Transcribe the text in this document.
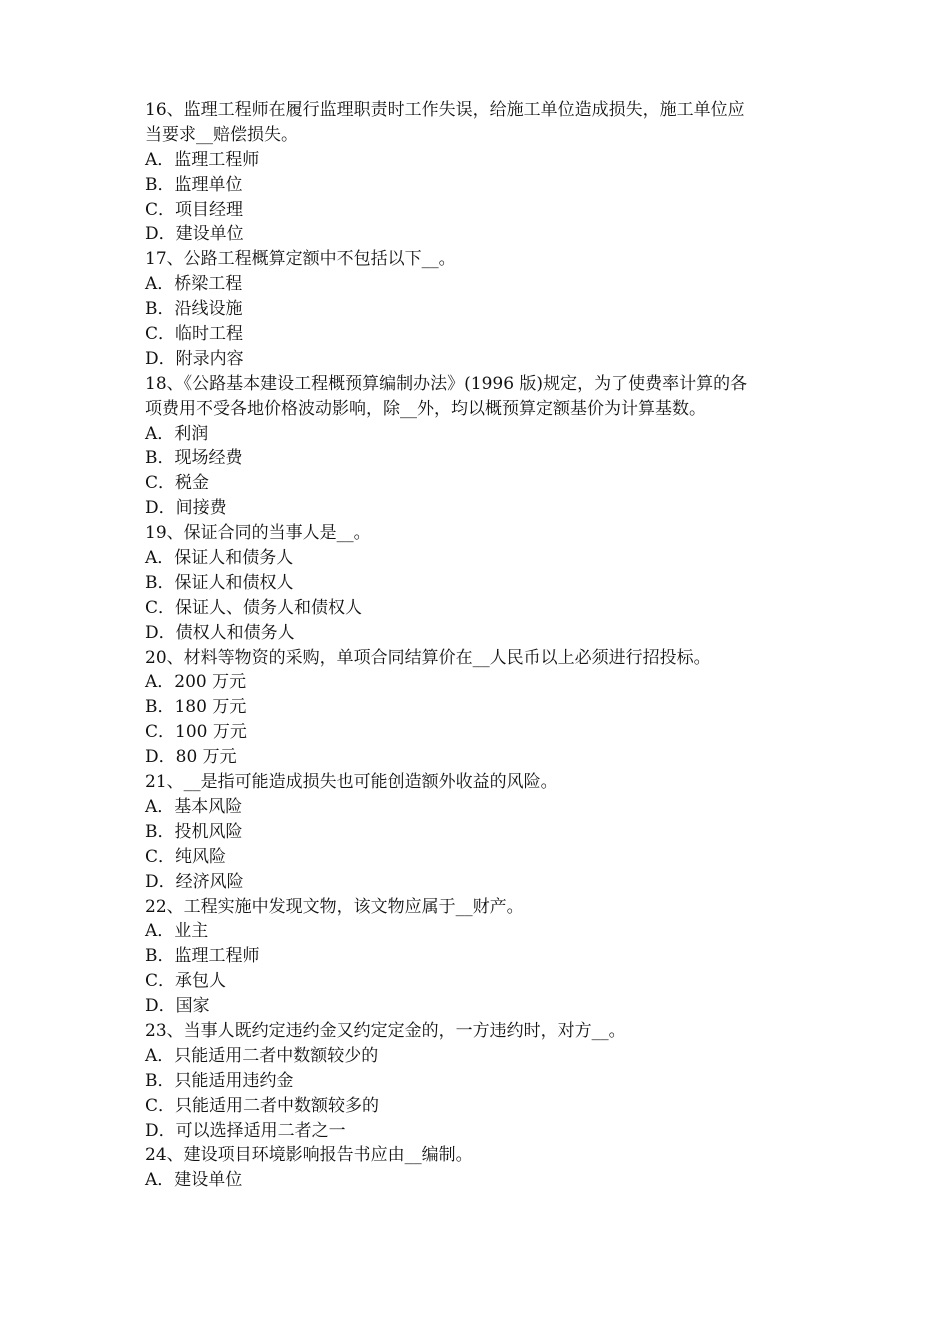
16、监理工程师在履行监理职责时工作失误，给施工单位造成损失，施工单位应
当要求__赔偿损失。
A．监理工程师
B．监理单位
C．项目经理
D．建设单位
17、公路工程概算定额中不包括以下__。
A．桥梁工程
B．沿线设施
C．临时工程
D．附录内容
18、《公路基本建设工程概预算编制办法》(1996 版)规定，为了使费率计算的各
项费用不受各地价格波动影响，除__外，均以概预算定额基价为计算基数。
A．利润
B．现场经费
C．税金
D．间接费
19、保证合同的当事人是__。
A．保证人和债务人
B．保证人和债权人
C．保证人、债务人和债权人
D．债权人和债务人
20、材料等物资的采购，单项合同结算价在__人民币以上必须进行招投标。
A．200 万元
B．180 万元
C．100 万元
D．80 万元
21、__是指可能造成损失也可能创造额外收益的风险。
A．基本风险
B．投机风险
C．纯风险
D．经济风险
22、工程实施中发现文物，该文物应属于__财产。
A．业主
B．监理工程师
C．承包人
D．国家
23、当事人既约定违约金又约定定金的，一方违约时，对方__。
A．只能适用二者中数额较少的
B．只能适用违约金
C．只能适用二者中数额较多的
D．可以选择适用二者之一
24、建设项目环境影响报告书应由__编制。
A．建设单位
